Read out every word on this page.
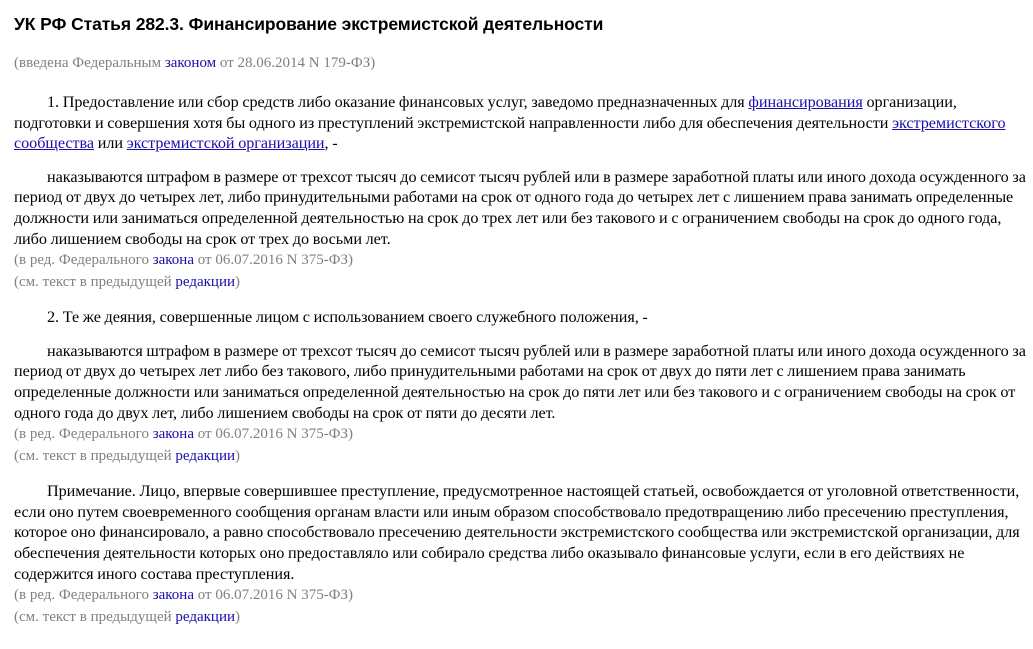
УК РФ Статья 282.3. Финансирование экстремистской деятельности

(введена Федеральным законом от 28.06.2014 N 179-ФЗ)

1. Предоставление или сбор средств либо оказание финансовых услуг, заведомо предназначенных для финансирования организации, подготовки и совершения хотя бы одного из преступлений экстремистской направленности либо для обеспечения деятельности экстремистского сообщества или экстремистской организации, -

наказываются штрафом в размере от трехсот тысяч до семисот тысяч рублей или в размере заработной платы или иного дохода осужденного за период от двух до четырех лет, либо принудительными работами на срок от одного года до четырех лет с лишением права занимать определенные должности или заниматься определенной деятельностью на срок до трех лет или без такового и с ограничением свободы на срок до одного года, либо лишением свободы на срок от трех до восьми лет.

(в ред. Федерального закона от 06.07.2016 N 375-ФЗ)

(см. текст в предыдущей редакции)

2. Те же деяния, совершенные лицом с использованием своего служебного положения, -

наказываются штрафом в размере от трехсот тысяч до семисот тысяч рублей или в размере заработной платы или иного дохода осужденного за период от двух до четырех лет либо без такового, либо принудительными работами на срок от двух до пяти лет с лишением права занимать определенные должности или заниматься определенной деятельностью на срок до пяти лет или без такового и с ограничением свободы на срок от одного года до двух лет, либо лишением свободы на срок от пяти до десяти лет.

(в ред. Федерального закона от 06.07.2016 N 375-ФЗ)

(см. текст в предыдущей редакции)

Примечание. Лицо, впервые совершившее преступление, предусмотренное настоящей статьей, освобождается от уголовной ответственности, если оно путем своевременного сообщения органам власти или иным образом способствовало предотвращению либо пресечению преступления, которое оно финансировало, а равно способствовало пресечению деятельности экстремистского сообщества или экстремистской организации, для обеспечения деятельности которых оно предоставляло или собирало средства либо оказывало финансовые услуги, если в его действиях не содержится иного состава преступления.

(в ред. Федерального закона от 06.07.2016 N 375-ФЗ)

(см. текст в предыдущей редакции)
